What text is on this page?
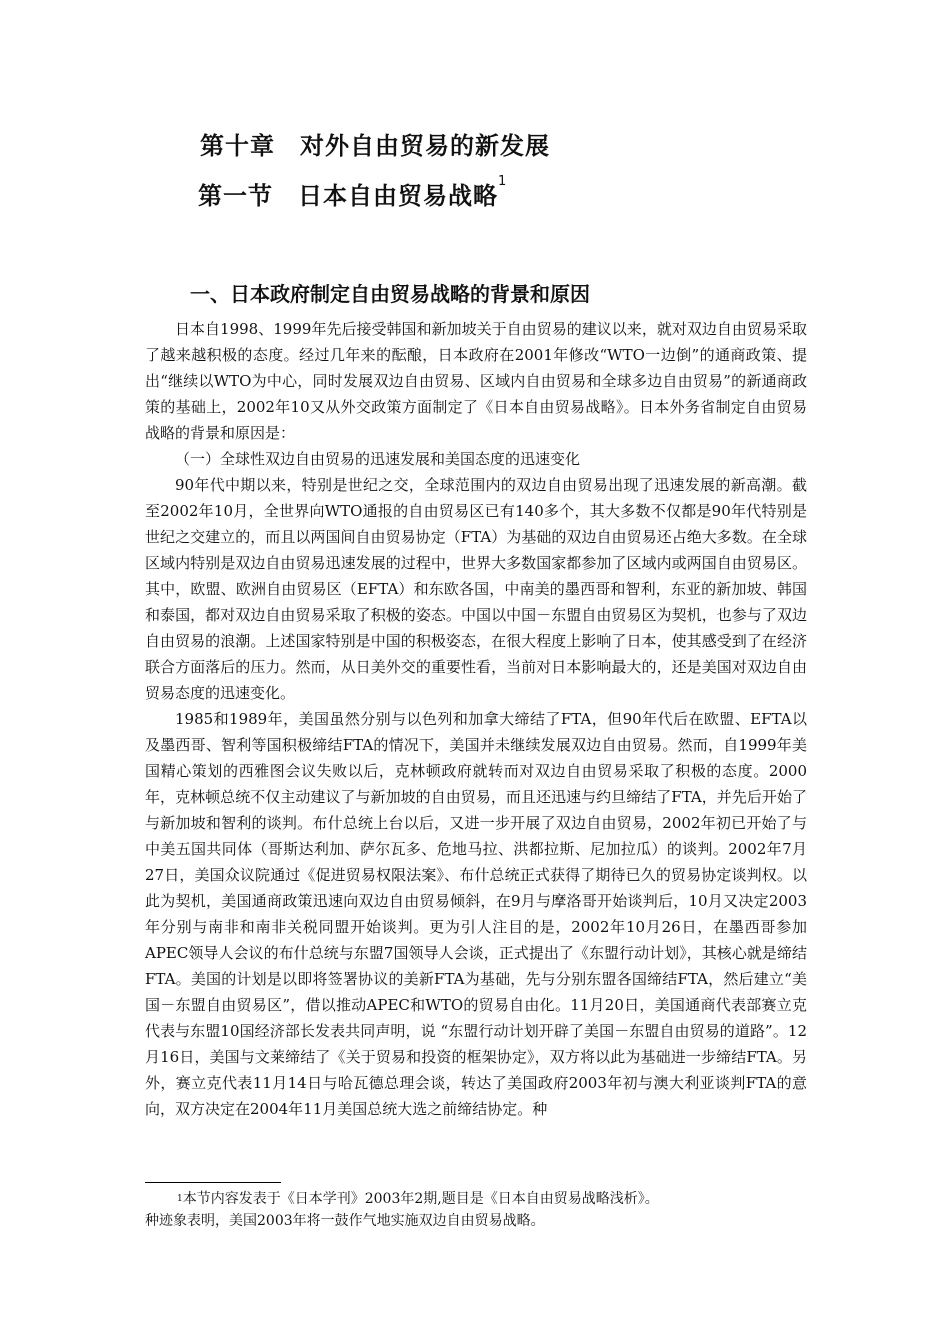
第十章　对外自由贸易的新发展
第一节　日本自由贸易战略$^1$
一、日本政府制定自由贸易战略的背景和原因

日本自1998、1999年先后接受韩国和新加坡关于自由贸易的建议以来，就对双边自由贸易采取了越来越积极的态度。经过几年来的酝酿，日本政府在2001年修改“WTO一边倒”的通商政策、提出“继续以WTO为中心，同时发展双边自由贸易、区域内自由贸易和全球多边自由贸易”的新通商政策的基础上，2002年10又从外交政策方面制定了《日本自由贸易战略》。日本外务省制定自由贸易战略的背景和原因是：

（一）全球性双边自由贸易的迅速发展和美国态度的迅速变化

90年代中期以来，特别是世纪之交，全球范围内的双边自由贸易出现了迅速发展的新高潮。截至2002年10月，全世界向WTO通报的自由贸易区已有140多个，其大多数不仅都是90年代特别是世纪之交建立的，而且以两国间自由贸易协定（FTA）为基础的双边自由贸易还占绝大多数。在全球区域内特别是双边自由贸易迅速发展的过程中，世界大多数国家都参加了区域内或两国自由贸易区。其中，欧盟、欧洲自由贸易区（EFTA）和东欧各国，中南美的墨西哥和智利，东亚的新加坡、韩国和泰国，都对双边自由贸易采取了积极的姿态。中国以中国－东盟自由贸易区为契机，也参与了双边自由贸易的浪潮。上述国家特别是中国的积极姿态，在很大程度上影响了日本，使其感受到了在经济联合方面落后的压力。然而，从日美外交的重要性看，当前对日本影响最大的，还是美国对双边自由贸易态度的迅速变化。

1985和1989年，美国虽然分别与以色列和加拿大缔结了FTA，但90年代后在欧盟、EFTA以及墨西哥、智利等国积极缔结FTA的情况下，美国并未继续发展双边自由贸易。然而，自1999年美国精心策划的西雅图会议失败以后，克林顿政府就转而对双边自由贸易采取了积极的态度。2000年，克林顿总统不仅主动建议了与新加坡的自由贸易，而且还迅速与约旦缔结了FTA，并先后开始了与新加坡和智利的谈判。布什总统上台以后，又进一步开展了双边自由贸易，2002年初已开始了与中美五国共同体（哥斯达利加、萨尔瓦多、危地马拉、洪都拉斯、尼加拉瓜）的谈判。2002年7月27日，美国众议院通过《促进贸易权限法案》、布什总统正式获得了期待已久的贸易协定谈判权。以此为契机，美国通商政策迅速向双边自由贸易倾斜，在9月与摩洛哥开始谈判后，10月又决定2003年分别与南非和南非关税同盟开始谈判。更为引人注目的是，2002年10月26日，在墨西哥参加APEC领导人会议的布什总统与东盟7国领导人会谈，正式提出了《东盟行动计划》，其核心就是缔结FTA。美国的计划是以即将签署协议的美新FTA为基础，先与分别东盟各国缔结FTA，然后建立“美国－东盟自由贸易区”，借以推动APEC和WTO的贸易自由化。11月20日，美国通商代表部赛立克代表与东盟10国经济部长发表共同声明，说 “东盟行动计划开辟了美国－东盟自由贸易的道路”。12月16日，美国与文莱缔结了《关于贸易和投资的框架协定》，双方将以此为基础进一步缔结FTA。另外，赛立克代表11月14日与哈瓦德总理会谈，转达了美国政府2003年初与澳大利亚谈判FTA的意向，双方决定在2004年11月美国总统大选之前缔结协定。种

$^1$本节内容发表于《日本学刊》2003年2期,题目是《日本自由贸易战略浅析》。
种迹象表明，美国2003年将一鼓作气地实施双边自由贸易战略。
